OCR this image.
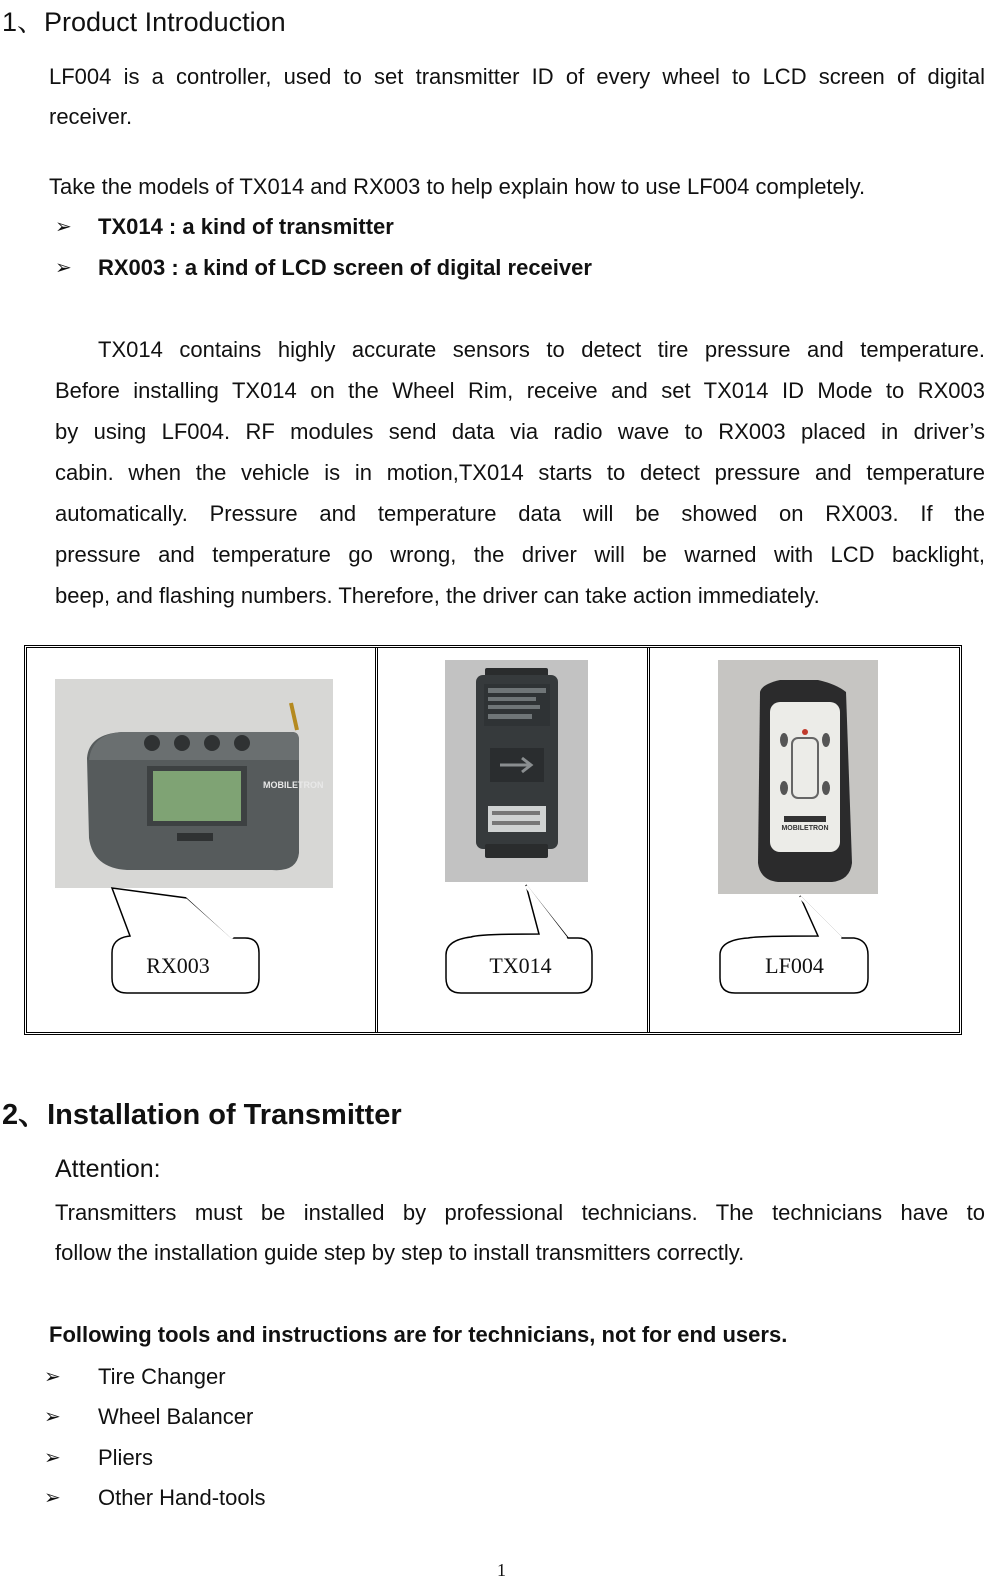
1、Product Introduction
LF004 is a controller, used to set transmitter ID of every wheel to LCD screen of digital
receiver.
Take the models of TX014 and RX003 to help explain how to use LF004 completely.
➢ TX014 : a kind of transmitter
➢ RX003 : a kind of LCD screen of digital receiver
TX014 contains highly accurate sensors to detect tire pressure and temperature.
Before installing TX014 on the Wheel Rim, receive and set TX014 ID Mode to RX003
by using LF004. RF modules send data via radio wave to RX003 placed in driver’s
cabin. when the vehicle is in motion,TX014 starts to detect pressure and temperature
automatically. Pressure and temperature data will be showed on RX003. If the
pressure and temperature go wrong, the driver will be warned with LCD backlight,
beep, and flashing numbers. Therefore, the driver can take action immediately.
MOBILETRON
RX003	TX014
MOBILETRON
LF004
2、Installation of Transmitter
Attention:
Transmitters must be installed by professional technicians. The technicians have to
follow the installation guide step by step to install transmitters correctly.
Following tools and instructions are for technicians, not for end users.
➢ Tire Changer
➢ Wheel Balancer
➢ Pliers
➢ Other Hand-tools
1
